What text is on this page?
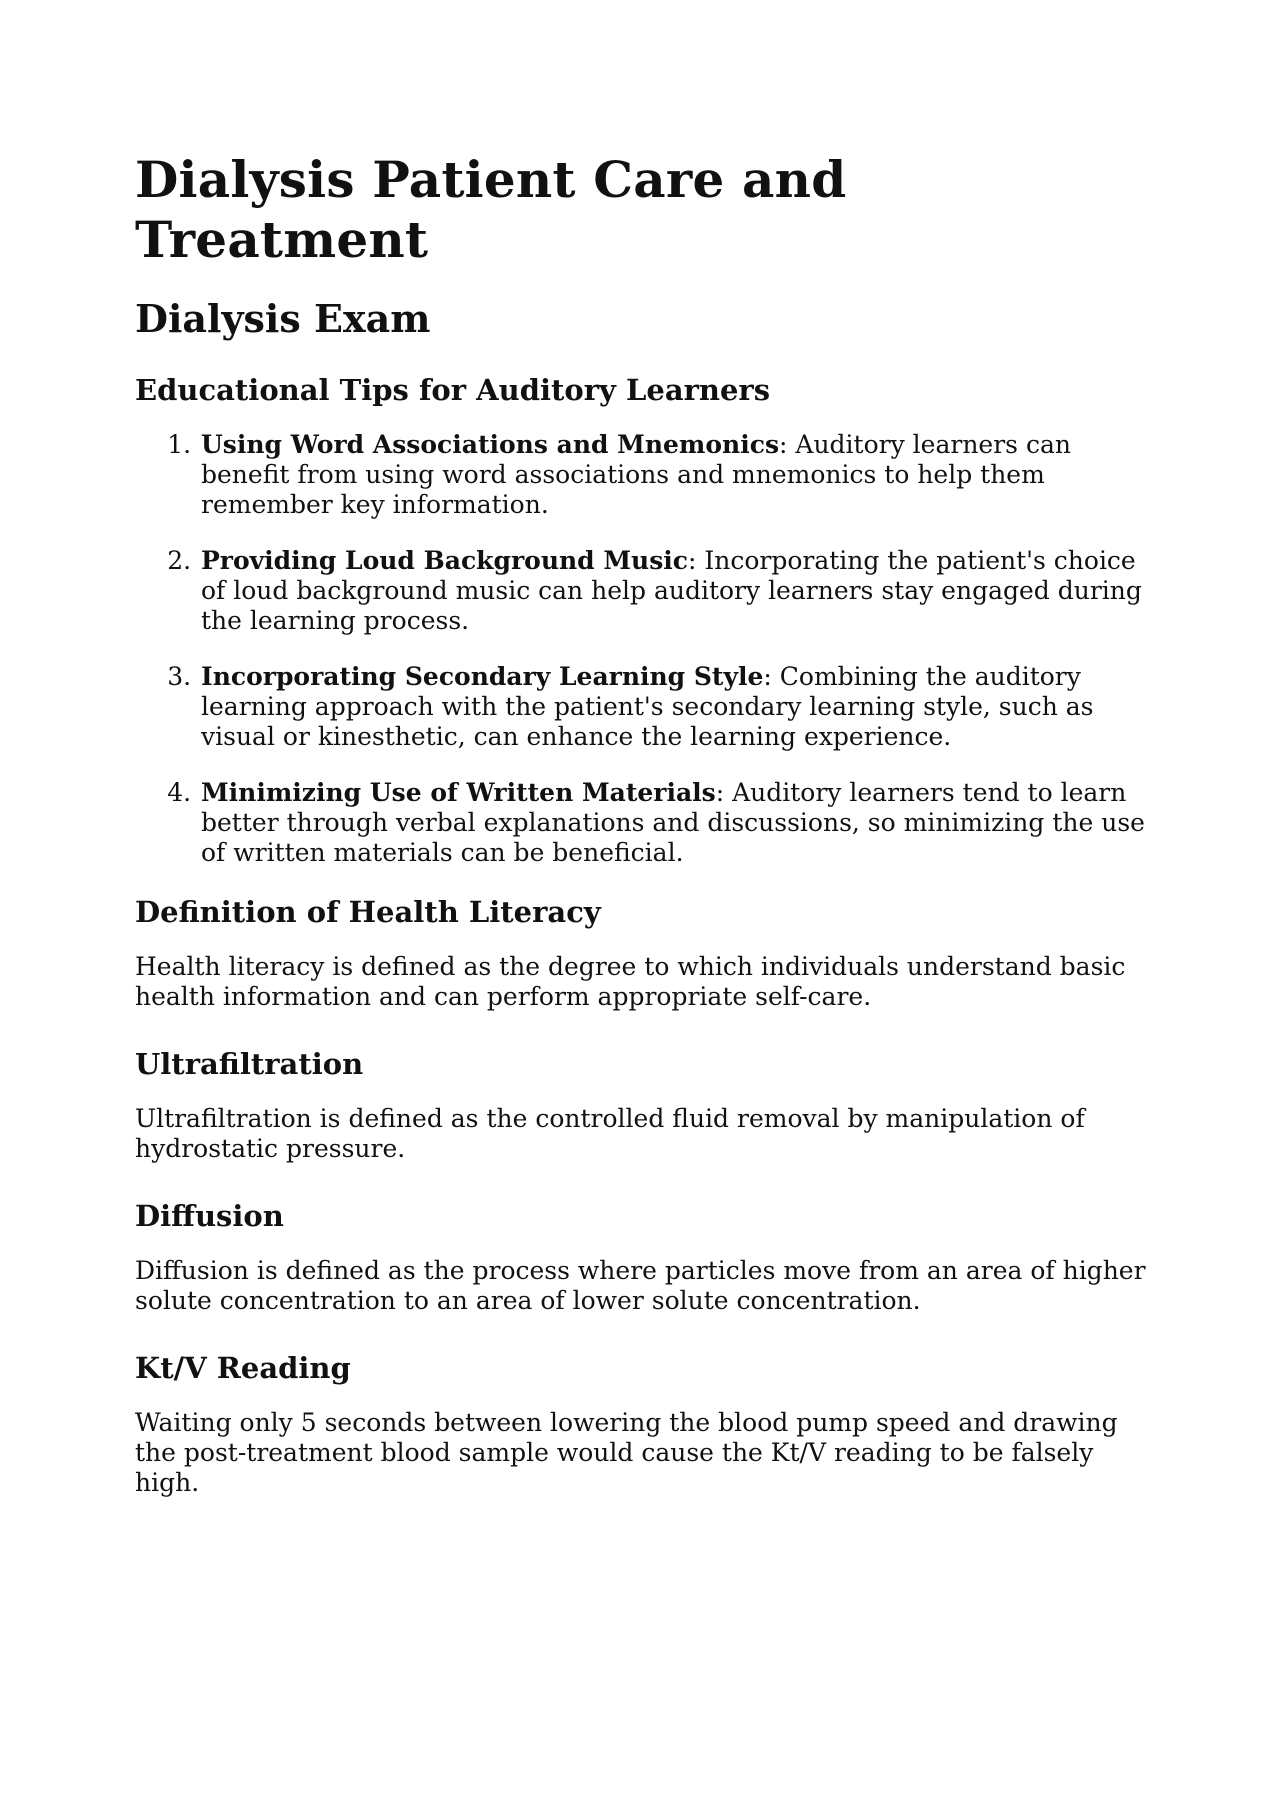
Dialysis Patient Care and Treatment
Dialysis Exam
Educational Tips for Auditory Learners
1. Using Word Associations and Mnemonics: Auditory learners can benefit from using word associations and mnemonics to help them remember key information.
2. Providing Loud Background Music: Incorporating the patient's choice of loud background music can help auditory learners stay engaged during the learning process.
3. Incorporating Secondary Learning Style: Combining the auditory learning approach with the patient's secondary learning style, such as visual or kinesthetic, can enhance the learning experience.
4. Minimizing Use of Written Materials: Auditory learners tend to learn better through verbal explanations and discussions, so minimizing the use of written materials can be beneficial.
Definition of Health Literacy

Health literacy is defined as the degree to which individuals understand basic health information and can perform appropriate self-care.

Ultrafiltration

Ultrafiltration is defined as the controlled fluid removal by manipulation of hydrostatic pressure.

Diffusion

Diffusion is defined as the process where particles move from an area of higher solute concentration to an area of lower solute concentration.

Kt/V Reading

Waiting only 5 seconds between lowering the blood pump speed and drawing the post-treatment blood sample would cause the Kt/V reading to be falsely high.
